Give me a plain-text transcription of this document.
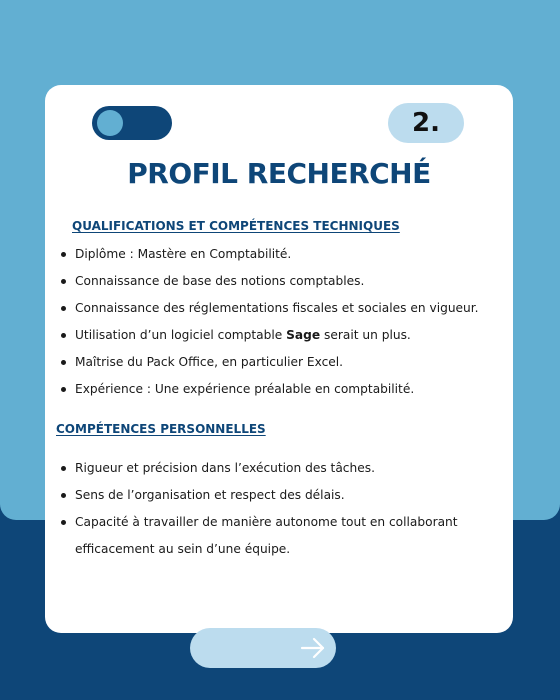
2.
PROFIL RECHERCHÉ
QUALIFICATIONS ET COMPÉTENCES TECHNIQUES
Diplôme : Mastère en Comptabilité.
Connaissance de base des notions comptables.
Connaissance des réglementations fiscales et sociales en vigueur.
Utilisation d’un logiciel comptable Sage serait un plus.
Maîtrise du Pack Office, en particulier Excel.
Expérience : Une expérience préalable en comptabilité.
COMPÉTENCES PERSONNELLES
Rigueur et précision dans l’exécution des tâches.
Sens de l’organisation et respect des délais.
Capacité à travailler de manière autonome tout en collaborant efficacement au sein d’une équipe.
